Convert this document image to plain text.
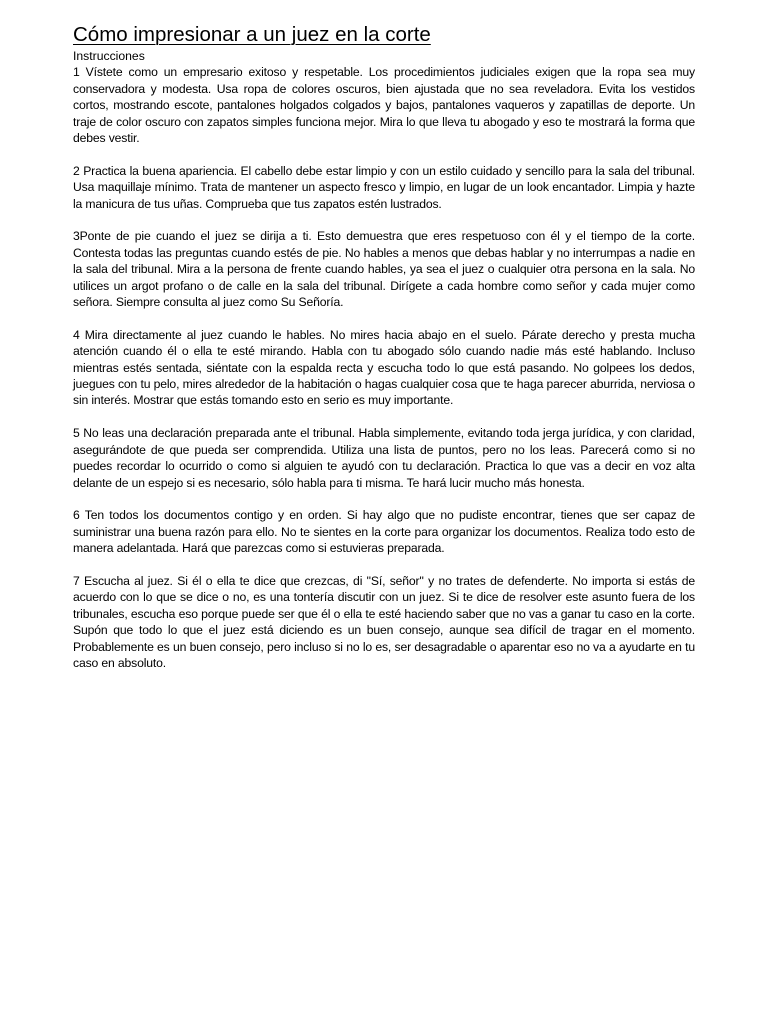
Cómo impresionar a un juez en la corte
Instrucciones

1 Vístete como un empresario exitoso y respetable. Los procedimientos judiciales exigen que la ropa sea muy conservadora y modesta. Usa ropa de colores oscuros, bien ajustada que no sea reveladora. Evita los vestidos cortos, mostrando escote, pantalones holgados colgados y bajos, pantalones vaqueros y zapatillas de deporte. Un traje de color oscuro con zapatos simples funciona mejor. Mira lo que lleva tu abogado y eso te mostrará la forma que debes vestir.

2 Practica la buena apariencia. El cabello debe estar limpio y con un estilo cuidado y sencillo para la sala del tribunal. Usa maquillaje mínimo. Trata de mantener un aspecto fresco y limpio, en lugar de un look encantador. Limpia y hazte la manicura de tus uñas. Comprueba que tus zapatos estén lustrados.

3Ponte de pie cuando el juez se dirija a ti. Esto demuestra que eres respetuoso con él y el tiempo de la corte. Contesta todas las preguntas cuando estés de pie. No hables a menos que debas hablar y no interrumpas a nadie en la sala del tribunal. Mira a la persona de frente cuando hables, ya sea el juez o cualquier otra persona en la sala. No utilices un argot profano o de calle en la sala del tribunal. Dirígete a cada hombre como señor y cada mujer como señora. Siempre consulta al juez como Su Señoría.

4 Mira directamente al juez cuando le hables. No mires hacia abajo en el suelo. Párate derecho y presta mucha atención cuando él o ella te esté mirando. Habla con tu abogado sólo cuando nadie más esté hablando. Incluso mientras estés sentada, siéntate con la espalda recta y escucha todo lo que está pasando. No golpees los dedos, juegues con tu pelo, mires alrededor de la habitación o hagas cualquier cosa que te haga parecer aburrida, nerviosa o sin interés. Mostrar que estás tomando esto en serio es muy importante.

5 No leas una declaración preparada ante el tribunal. Habla simplemente, evitando toda jerga jurídica, y con claridad, asegurándote de que pueda ser comprendida. Utiliza una lista de puntos, pero no los leas. Parecerá como si no puedes recordar lo ocurrido o como si alguien te ayudó con tu declaración. Practica lo que vas a decir en voz alta delante de un espejo si es necesario, sólo habla para ti misma. Te hará lucir mucho más honesta.

6 Ten todos los documentos contigo y en orden. Si hay algo que no pudiste encontrar, tienes que ser capaz de suministrar una buena razón para ello. No te sientes en la corte para organizar los documentos. Realiza todo esto de manera adelantada. Hará que parezcas como si estuvieras preparada.

7 Escucha al juez. Si él o ella te dice que crezcas, di "Sí, señor" y no trates de defenderte. No importa si estás de acuerdo con lo que se dice o no, es una tontería discutir con un juez. Si te dice de resolver este asunto fuera de los tribunales, escucha eso porque puede ser que él o ella te esté haciendo saber que no vas a ganar tu caso en la corte. Supón que todo lo que el juez está diciendo es un buen consejo, aunque sea difícil de tragar en el momento. Probablemente es un buen consejo, pero incluso si no lo es, ser desagradable o aparentar eso no va a ayudarte en tu caso en absoluto.
